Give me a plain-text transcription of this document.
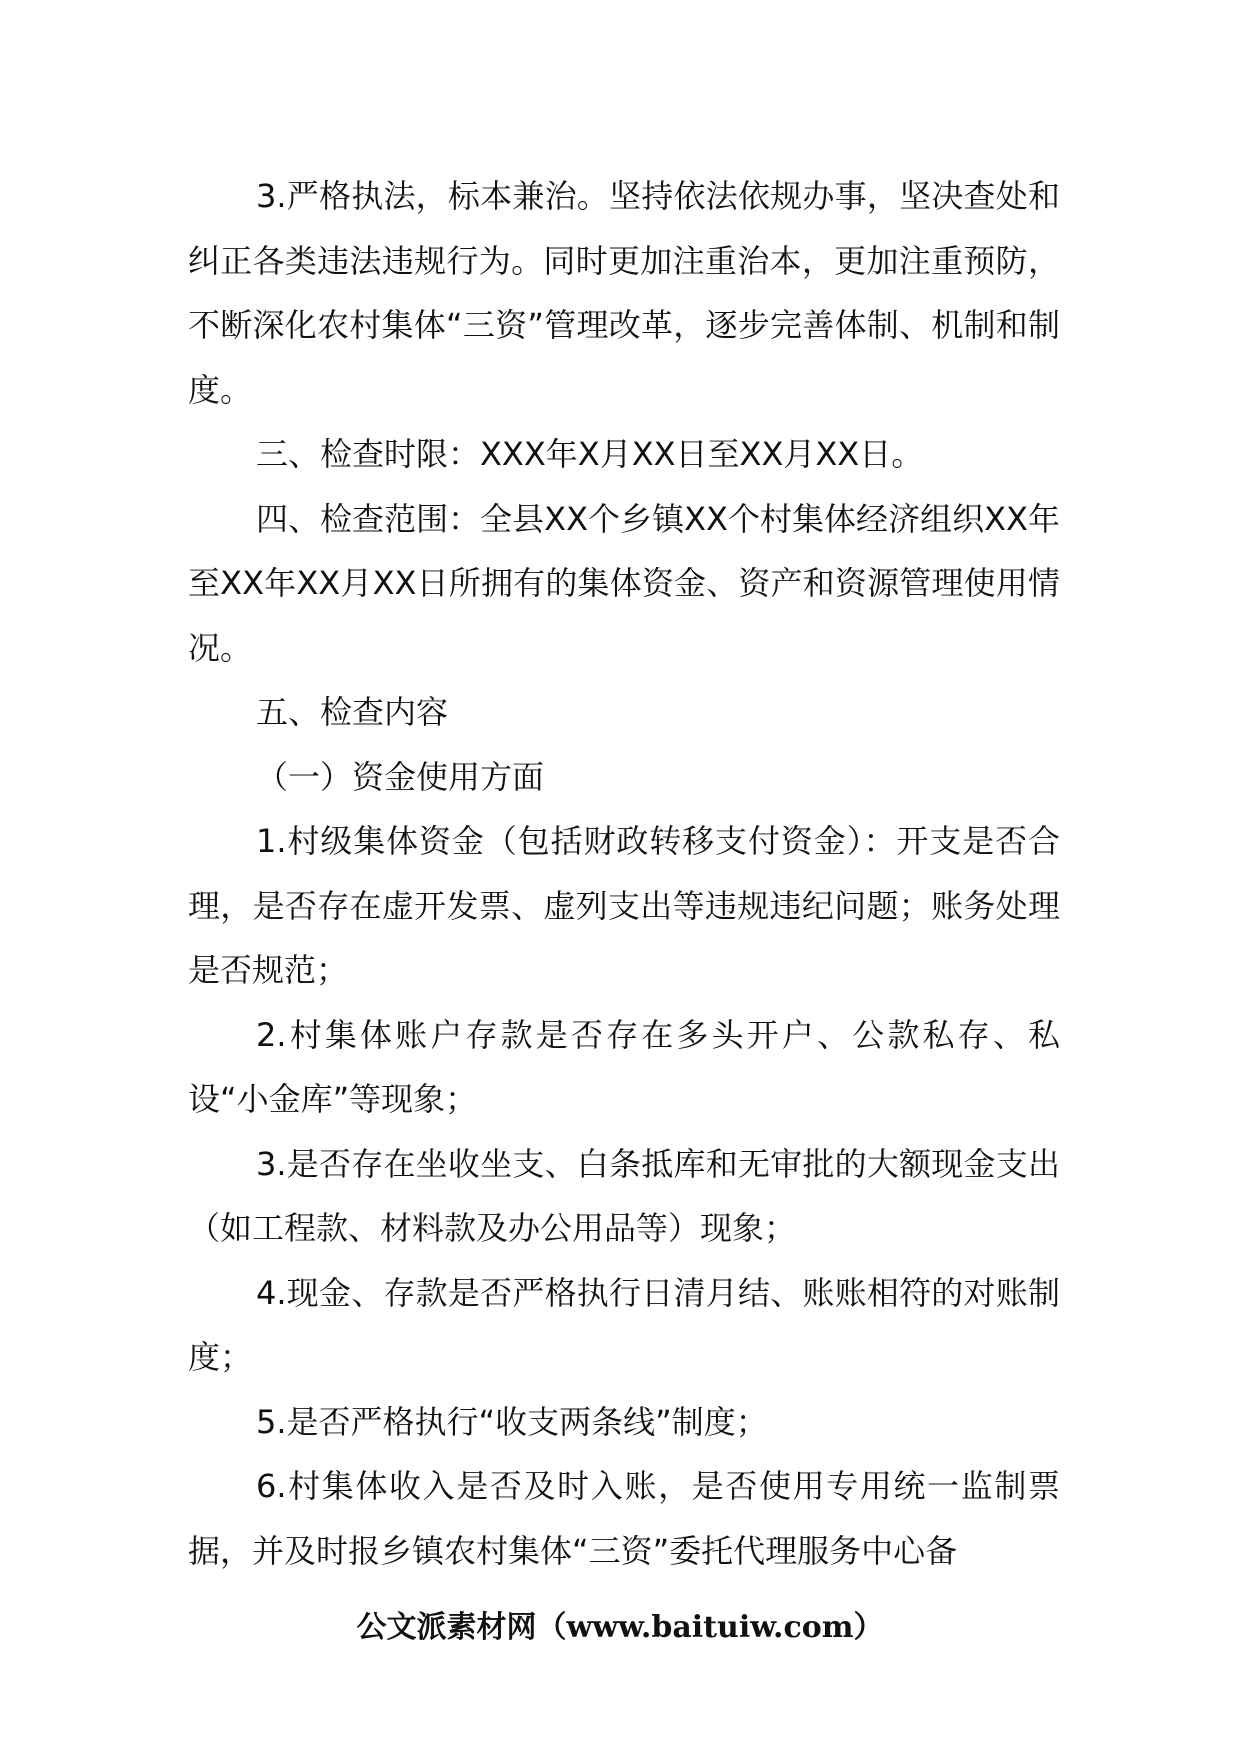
3.严格执法，标本兼治。坚持依法依规办事，坚决查处和纠正各类违法违规行为。同时更加注重治本，更加注重预防，不断深化农村集体“三资”管理改革，逐步完善体制、机制和制度。

三、检查时限：XXX年X月XX日至XX月XX日。

四、检查范围：全县XX个乡镇XX个村集体经济组织XX年至XX年XX月XX日所拥有的集体资金、资产和资源管理使用情况。

五、检查内容

（一）资金使用方面

1.村级集体资金（包括财政转移支付资金）：开支是否合理，是否存在虚开发票、虚列支出等违规违纪问题；账务处理是否规范；

2.村集体账户存款是否存在多头开户、公款私存、私设“小金库”等现象；

3.是否存在坐收坐支、白条抵库和无审批的大额现金支出（如工程款、材料款及办公用品等）现象；

4.现金、存款是否严格执行日清月结、账账相符的对账制度；

5.是否严格执行“收支两条线”制度；

6.村集体收入是否及时入账，是否使用专用统一监制票据，并及时报乡镇农村集体“三资”委托代理服务中心备

公文派素材网（www.baituiw.com）
